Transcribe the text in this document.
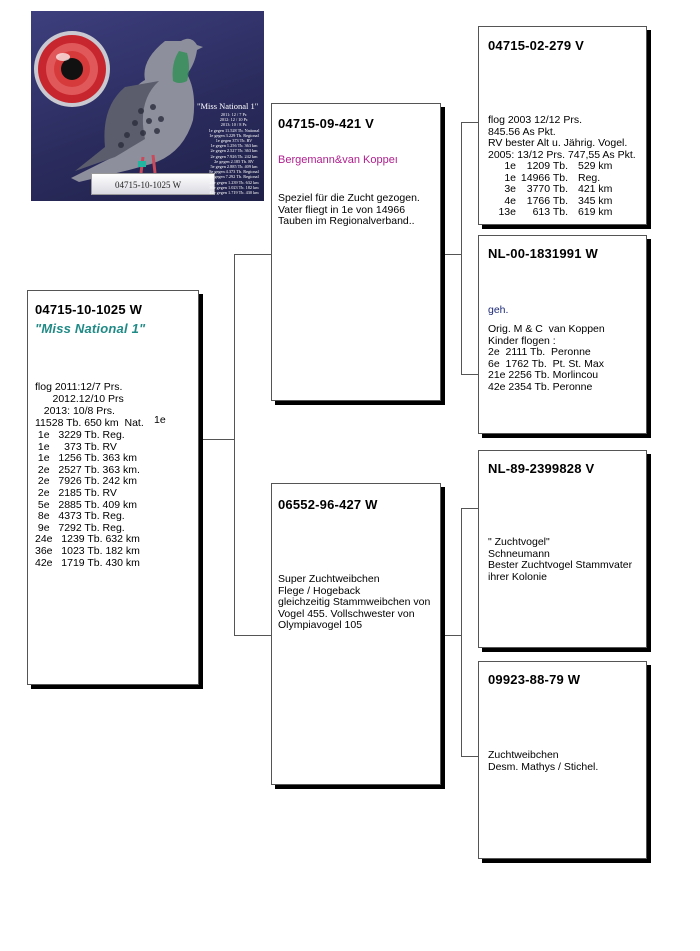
04715-10-1025 W
"Miss National 1"
2011: 12 / 7 Pr.
2012: 12 / 10 Pr.
2013: 10 / 8 Pr.
1e gegen 11.528 Tb. National
1e gegen 3.229 Tb. Regional
1e gegen 373 Tb. RV
1e gegen 1.256 Tb. 363 km
2e gegen 2.527 Tb. 363 km
2e gegen 7.926 Tb. 242 km
2e gegen 2.185 Tb. RV
5e gegen 2.885 Tb. 409 km
8e gegen 4.373 Tb. Regional
9e gegen 7.292 Tb. Regional
24e gegen 1.239 Tb. 632 km
36e gegen 1.023 Tb. 182 km
42e gegen 1.719 Tb. 430 km
04715-10-1025 W
"Miss National 1"
flog 2011:12/7 Prs.
2012.12/10 Prs
2013: 10/8 Prs.
11528 Tb. 650 km  Nat. 1e
1e   3229 Tb. Reg.
1e     373 Tb. RV
1e   1256 Tb. 363 km
2e   2527 Tb. 363 km.
2e   7926 Tb. 242 km
2e   2185 Tb. RV
5e   2885 Tb. 409 km
8e   4373 Tb. Reg.
9e   7292 Tb. Reg.
24e   1239 Tb. 632 km
36e   1023 Tb. 182 km
42e   1719 Tb. 430 km
04715-09-421 V
Bergemann&van Koppeı
Speziel für die Zucht gezogen.
Vater fliegt in 1e von 14966
Tauben im Regionalverband..
06552-96-427 W
Super Zuchtweibchen
Flege / Hogeback
gleichzeitig Stammweibchen von
Vogel 455. Vollschwester von
Olympiavogel 105
04715-02-279 V
flog 2003 12/12 Prs.
845.56 As Pkt.
RV bester Alt u. Jährig. Vogel.
2005: 13/12 Prs. 747,55 As Pkt.
1e	1209 Tb. 529 km
1e 14966 Tb. Reg.
3e	3770 Tb. 421 km
4e	1766 Tb. 345 km
13e	613 Tb. 619 km
NL-00-1831991 W
geh.
Orig. M & C  van Koppen
Kinder flogen :
2e  2111 Tb.  Peronne
6e  1762 Tb.  Pt. St. Max
21e 2256 Tb. Morlincou
42e 2354 Tb. Peronne
NL-89-2399828 V
" Zuchtvogel"
Schneumann
Bester Zuchtvogel Stammvater
ihrer Kolonie
09923-88-79 W
Zuchtweibchen
Desm. Mathys / Stichel.
